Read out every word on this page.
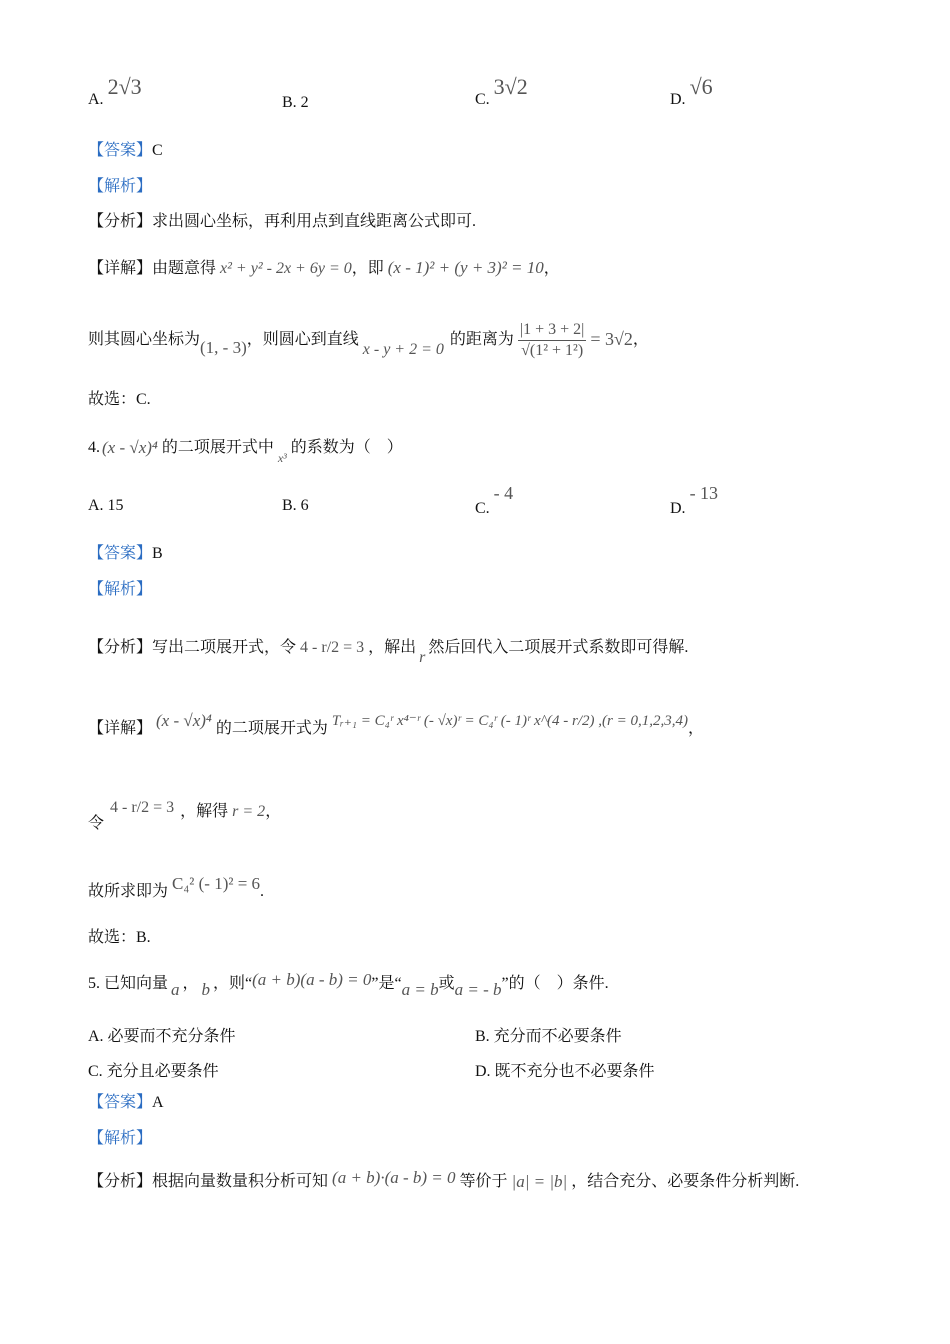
A. 2√3
B. 2	C. 3√2
D. √6
【答案】C
【解析】
【分析】求出圆心坐标，再利用点到直线距离公式即可.
【详解】由题意得 x² + y² - 2x + 6y = 0，即 (x - 1)² + (y + 3)² = 10，
则其圆心坐标为 (1, - 3) ，则圆心到直线
x - y + 2 = 0
的距离为 $\frac{|1 + 3 + 2|}{\text{√(1² + 1²)}} = 3√2$ ，
故选：C.
4. (x - √x)⁴ 的二项展开式中
x³
的系数为（　）
A. 15	B. 6	C. - 4
D. - 13
【答案】B
【解析】
【分析】 写出二项展开式，令 4 - r/2 = 3 ，解出
r
然后回代入二项展开式系数即可得解.
【详解】 (x - √x)⁴ 的二项展开式为 Tᵣ₊₁ = C₄ʳ x⁴⁻ʳ (- √x)ʳ = C₄ʳ (- 1)ʳ x^(4 - r/2) ,(r = 0,1,2,3,4) ，
令
4 - r/2 = 3 ，解得 r = 2 ，
故所求即为 C₄² (- 1)² = 6 .
故选：B.
5. 已知向量 a ， b ，则“ (a + b)(a - b) = 0 ”是“ a = b 或 a = - b ”的（　）条件.
A. 必要而不充分条件	B. 充分而不必要条件
C. 充分且必要条件	D. 既不充分也不必要条件
【答案】A
【解析】
【分析】 根据向量数量积分析可知 (a + b)·(a - b) = 0 等价于 |a| = |b| ，结合充分、必要条件分析判断.
